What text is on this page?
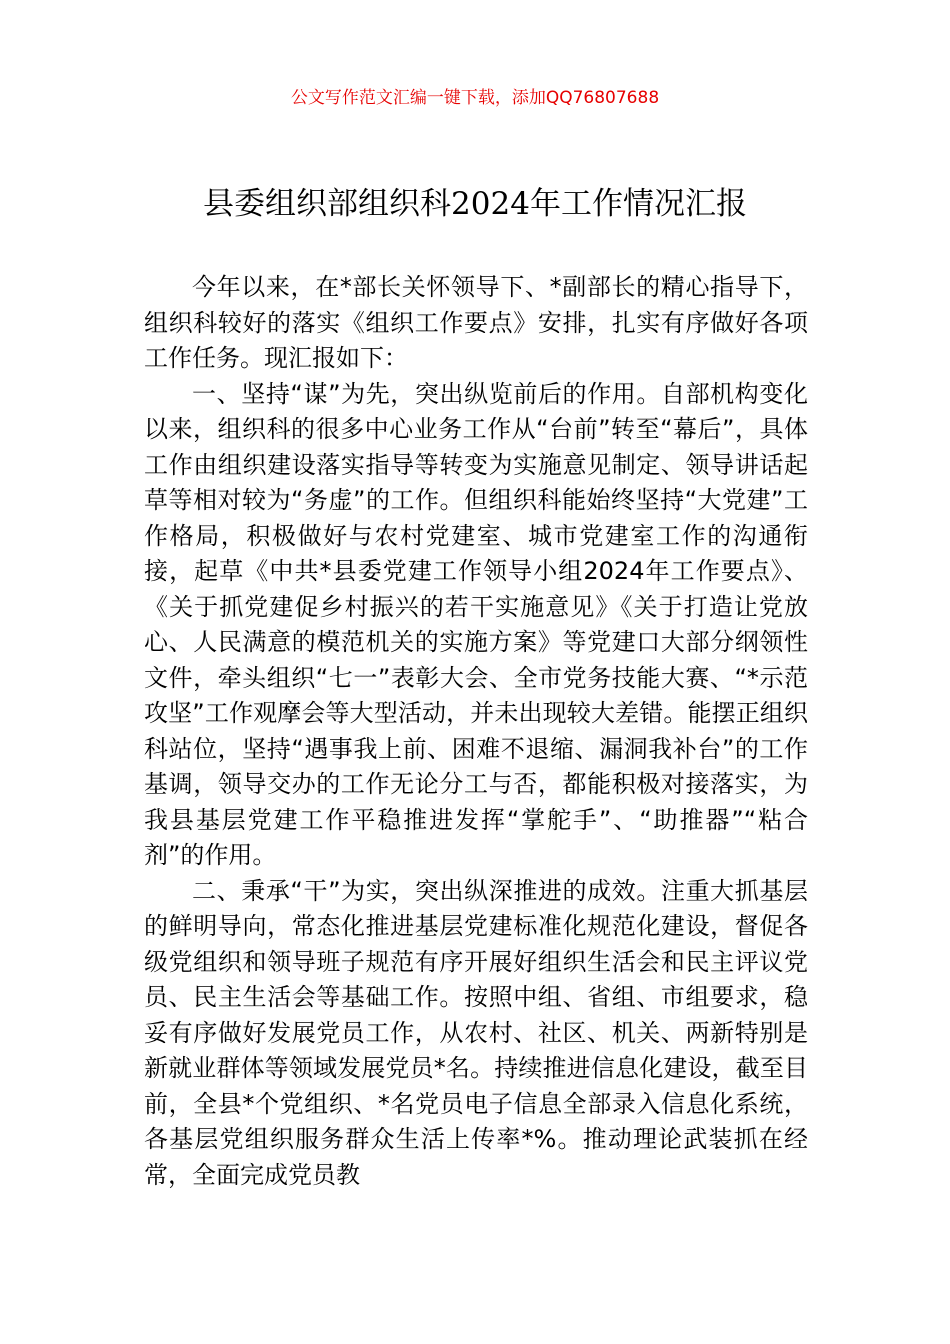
公文写作范文汇编一键下载，添加QQ76807688
县委组织部组织科2024年工作情况汇报

今年以来，在*部长关怀领导下、*副部长的精心指导下，组织科较好的落实《组织工作要点》安排，扎实有序做好各项工作任务。现汇报如下：

一、坚持“谋”为先，突出纵览前后的作用。自部机构变化以来，组织科的很多中心业务工作从“台前”转至“幕后”，具体工作由组织建设落实指导等转变为实施意见制定、领导讲话起草等相对较为“务虚”的工作。但组织科能始终坚持“大党建”工作格局，积极做好与农村党建室、城市党建室工作的沟通衔接，起草《中共*县委党建工作领导小组2024年工作要点》、《关于抓党建促乡村振兴的若干实施意见》《关于打造让党放心、人民满意的模范机关的实施方案》等党建口大部分纲领性文件，牵头组织“七一”表彰大会、全市党务技能大赛、“*示范攻坚”工作观摩会等大型活动，并未出现较大差错。能摆正组织科站位，坚持“遇事我上前、困难不退缩、漏洞我补台”的工作基调，领导交办的工作无论分工与否，都能积极对接落实，为我县基层党建工作平稳推进发挥“掌舵手”、“助推器”“粘合剂”的作用。

二、秉承“干”为实，突出纵深推进的成效。注重大抓基层的鲜明导向，常态化推进基层党建标准化规范化建设，督促各级党组织和领导班子规范有序开展好组织生活会和民主评议党员、民主生活会等基础工作。按照中组、省组、市组要求，稳妥有序做好发展党员工作，从农村、社区、机关、两新特别是新就业群体等领域发展党员*名。持续推进信息化建设，截至目前，全县*个党组织、*名党员电子信息全部录入信息化系统，各基层党组织服务群众生活上传率*%。推动理论武装抓在经常，全面完成党员教
